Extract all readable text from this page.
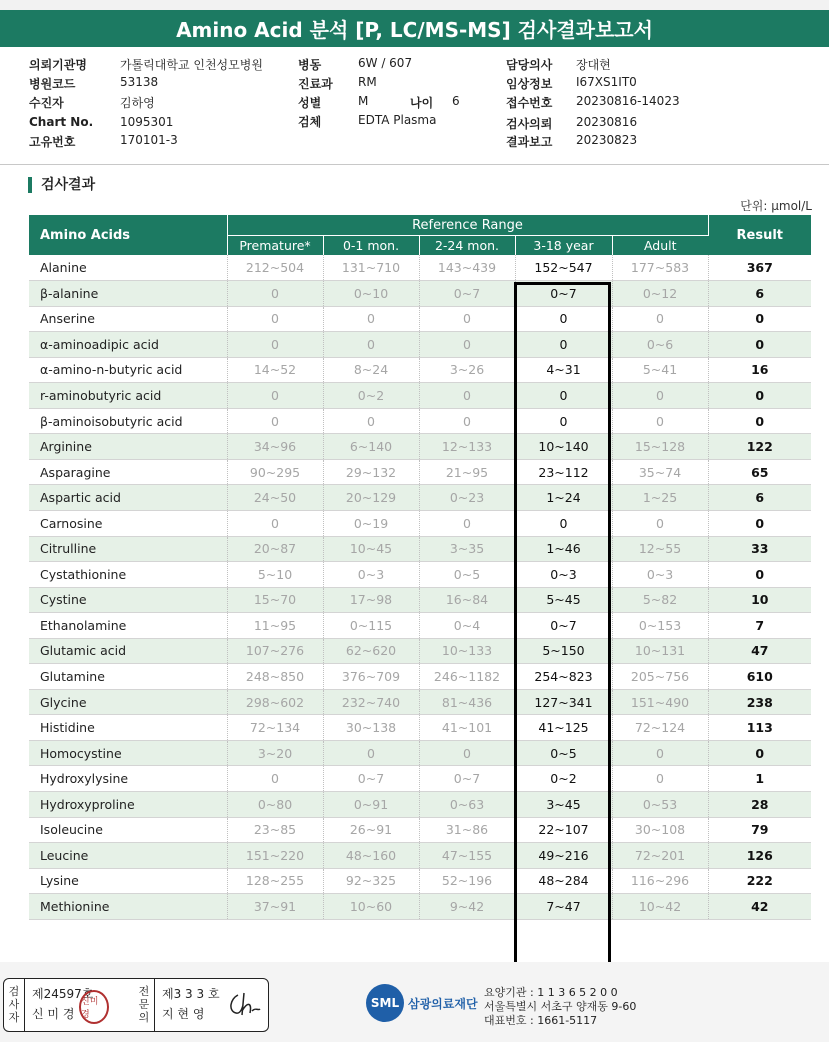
Amino Acid 분석 [P, LC/MS-MS] 검사결과보고서
의뢰기관명	가톨릭대학교 인천성모병원
병원코드	53138
수진자	김하영
Chart No. 1095301
고유번호	170101-3
병동	6W / 607
진료과 RM
성별	M	나이 6
검체	EDTA Plasma
담당의사 장대현
임상정보 I67XS1IT0
접수번호 20230816-14023
검사의뢰 20230816
결과보고 20230823
검사결과
단위: μmol/L
Amino Acids	Reference Range					Result
	Premature*	0-1 mon.	2-24 mon.	3-18 year	Adult	
Alanine	212~504	131~710	143~439	152~547	177~583	367
β-alanine	0	0~10	0~7	0~7	0~12	6
Anserine	0	0	0	0	0	0
α-aminoadipic acid	0	0	0	0	0~6	0
α-amino-n-butyric acid	14~52	8~24	3~26	4~31	5~41	16
r-aminobutyric acid	0	0~2	0	0	0	0
β-aminoisobutyric acid	0	0	0	0	0	0
Arginine	34~96	6~140	12~133	10~140	15~128	122
Asparagine	90~295	29~132	21~95	23~112	35~74	65
Aspartic acid	24~50	20~129	0~23	1~24	1~25	6
Carnosine	0	0~19	0	0	0	0
Citrulline	20~87	10~45	3~35	1~46	12~55	33
Cystathionine	5~10	0~3	0~5	0~3	0~3	0
Cystine	15~70	17~98	16~84	5~45	5~82	10
Ethanolamine	11~95	0~115	0~4	0~7	0~153	7
Glutamic acid	107~276	62~620	10~133	5~150	10~131	47
Glutamine	248~850	376~709	246~1182	254~823	205~756	610
Glycine	298~602	232~740	81~436	127~341	151~490	238
Histidine	72~134	30~138	41~101	41~125	72~124	113
Homocystine	3~20	0	0	0~5	0	0
Hydroxylysine	0	0~7	0~7	0~2	0	1
Hydroxyproline	0~80	0~91	0~63	3~45	0~53	28
Isoleucine	23~85	26~91	31~86	22~107	30~108	79
Leucine	151~220	48~160	47~155	49~216	72~201	126
Lysine	128~255	92~325	52~196	48~284	116~296	222
Methionine	37~91	10~60	9~42	7~47	10~42	42
검사자
제24597호
신 미 경
신미경
전문의
제3 3 3 호
지 현 영
SML 삼광의료재단
요양기관 : 1 1 3 6 5 2 0 0
서울특별시 서초구 양재동 9-60
대표번호 : 1661-5117
